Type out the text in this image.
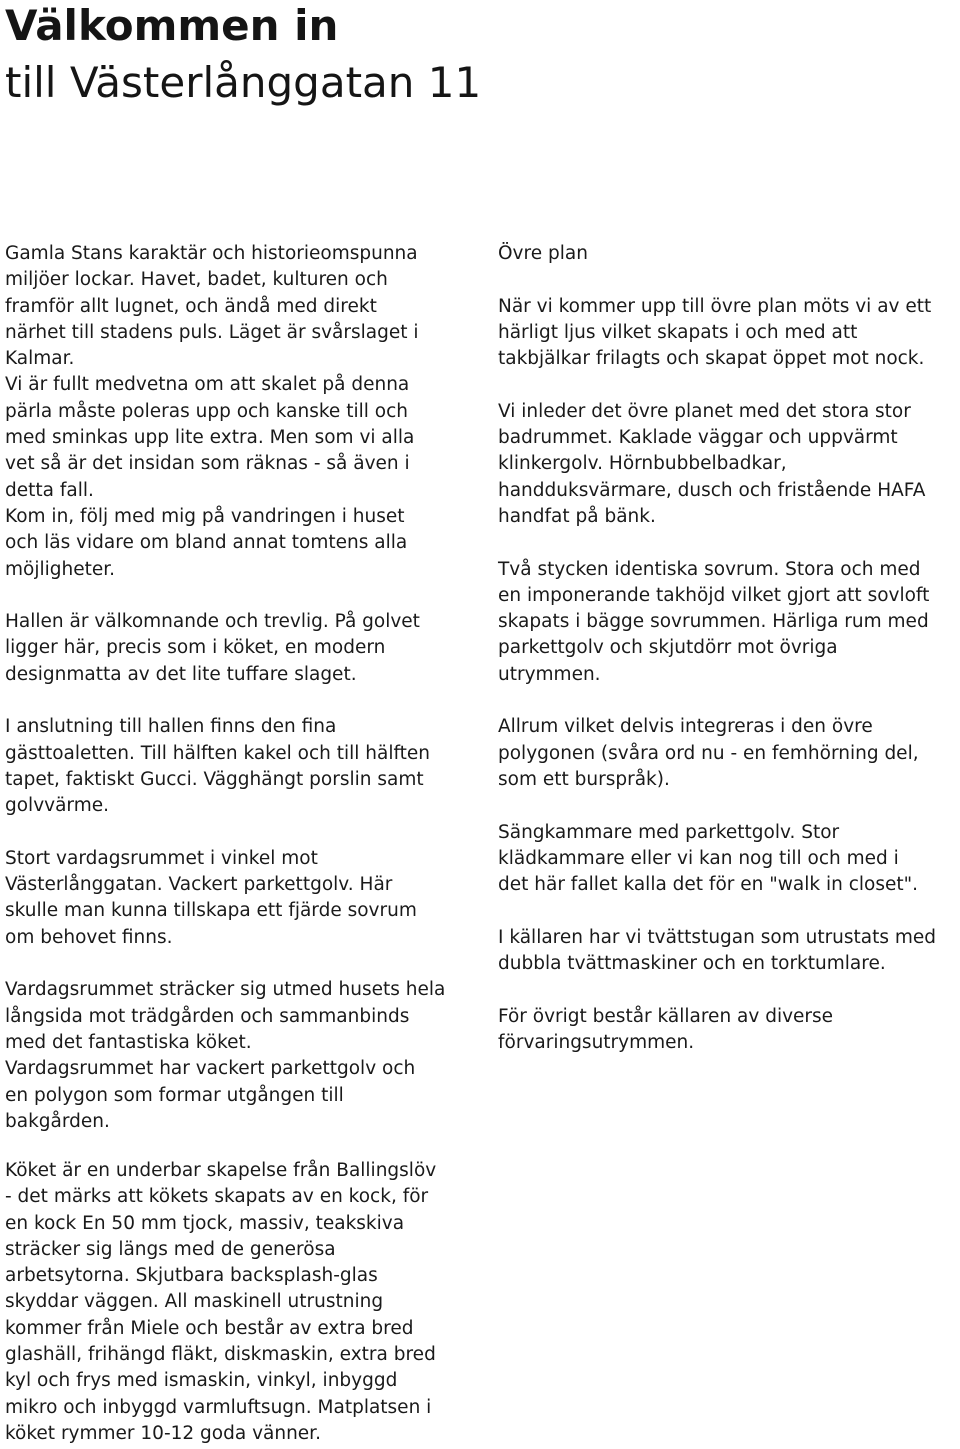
Välkommen in
till Västerlånggatan 11

Gamla Stans karaktär och historieomspunna
miljöer lockar. Havet, badet, kulturen och
framför allt lugnet, och ändå med direkt
närhet till stadens puls. Läget är svårslaget i
Kalmar.

Vi är fullt medvetna om att skalet på denna
pärla måste poleras upp och kanske till och
med sminkas upp lite extra. Men som vi alla
vet så är det insidan som räknas - så även i
detta fall.

Kom in, följ med mig på vandringen i huset
och läs vidare om bland annat tomtens alla
möjligheter.

Hallen är välkomnande och trevlig. På golvet
ligger här, precis som i köket, en modern
designmatta av det lite tuffare slaget.

I anslutning till hallen finns den fina
gästtoaletten. Till hälften kakel och till hälften
tapet, faktiskt Gucci. Vägghängt porslin samt
golvvärme.

Stort vardagsrummet i vinkel mot
Västerlånggatan. Vackert parkettgolv. Här
skulle man kunna tillskapa ett fjärde sovrum
om behovet finns.

Vardagsrummet sträcker sig utmed husets hela
långsida mot trädgården och sammanbinds
med det fantastiska köket.

Vardagsrummet har vackert parkettgolv och
en polygon som formar utgången till
bakgården.

Köket är en underbar skapelse från Ballingslöv
- det märks att kökets skapats av en kock, för
en kock En 50 mm tjock, massiv, teakskiva
sträcker sig längs med de generösa
arbetsytorna. Skjutbara backsplash-glas
skyddar väggen. All maskinell utrustning
kommer från Miele och består av extra bred
glashäll, frihängd fläkt, diskmaskin, extra bred
kyl och frys med ismaskin, vinkyl, inbyggd
mikro och inbyggd varmluftsugn. Matplatsen i
köket rymmer 10-12 goda vänner.

Övre plan

När vi kommer upp till övre plan möts vi av ett
härligt ljus vilket skapats i och med att
takbjälkar frilagts och skapat öppet mot nock.

Vi inleder det övre planet med det stora stor
badrummet. Kaklade väggar och uppvärmt
klinkergolv. Hörnbubbelbadkar,
handduksvärmare, dusch och fristående HAFA
handfat på bänk.

Två stycken identiska sovrum. Stora och med
en imponerande takhöjd vilket gjort att sovloft
skapats i bägge sovrummen. Härliga rum med
parkettgolv och skjutdörr mot övriga
utrymmen.

Allrum vilket delvis integreras i den övre
polygonen (svåra ord nu - en femhörning del,
som ett burspråk).

Sängkammare med parkettgolv. Stor
klädkammare eller vi kan nog till och med i
det här fallet kalla det för en "walk in closet".

I källaren har vi tvättstugan som utrustats med
dubbla tvättmaskiner och en torktumlare.

För övrigt består källaren av diverse
förvaringsutrymmen.
